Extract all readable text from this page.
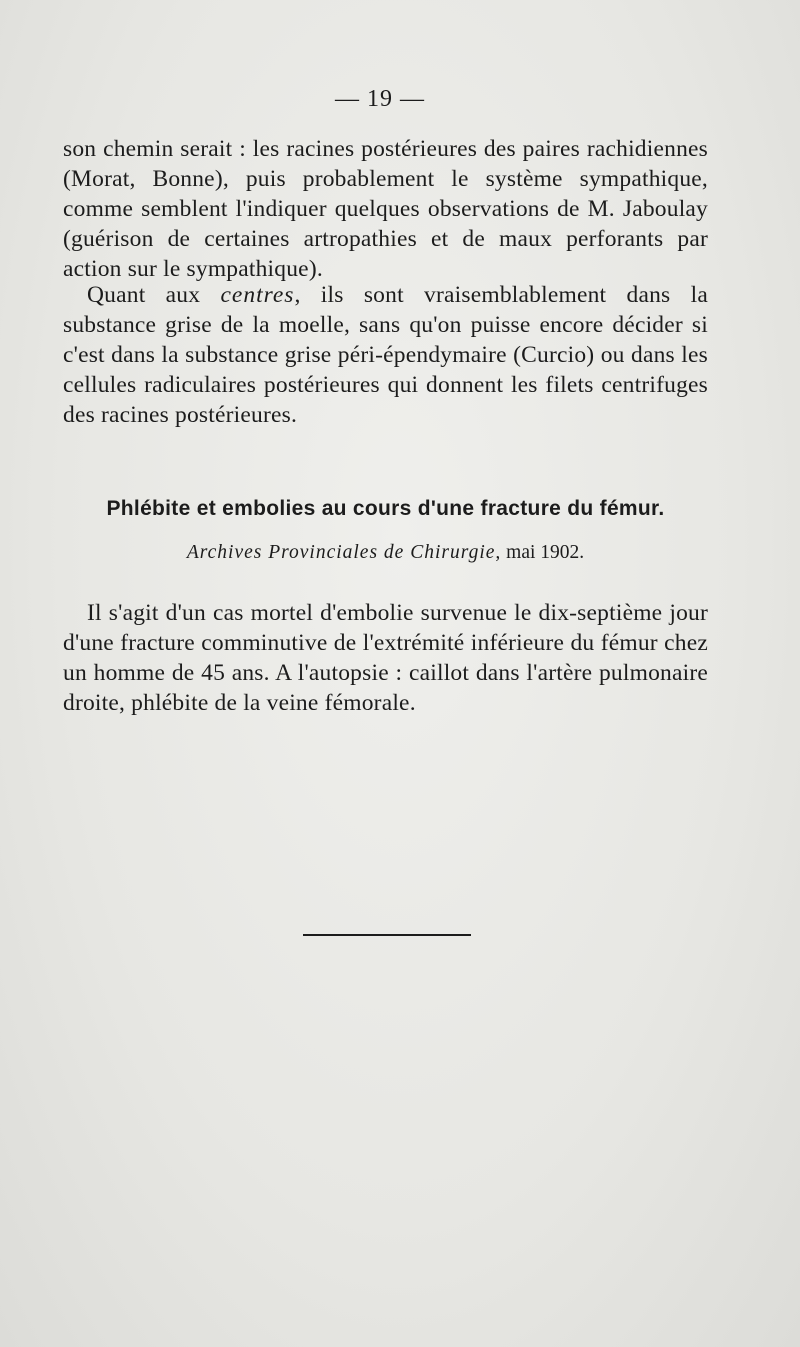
— 19 —

son chemin serait : les racines postérieures des paires rachidiennes (Morat, Bonne), puis probablement le système sympathique, comme semblent l'indiquer quelques observations de M. Jaboulay (guérison de certaines artropathies et de maux perforants par action sur le sympathique).

Quant aux centres, ils sont vraisemblablement dans la substance grise de la moelle, sans qu'on puisse encore décider si c'est dans la substance grise péri-épendymaire (Curcio) ou dans les cellules radiculaires postérieures qui donnent les filets centrifuges des racines postérieures.

Phlébite et embolies au cours d'une fracture du fémur.
Archives Provinciales de Chirurgie, mai 1902.

Il s'agit d'un cas mortel d'embolie survenue le dix-septième jour d'une fracture comminutive de l'extrémité inférieure du fémur chez un homme de 45 ans. A l'autopsie : caillot dans l'artère pulmonaire droite, phlébite de la veine fémorale.
